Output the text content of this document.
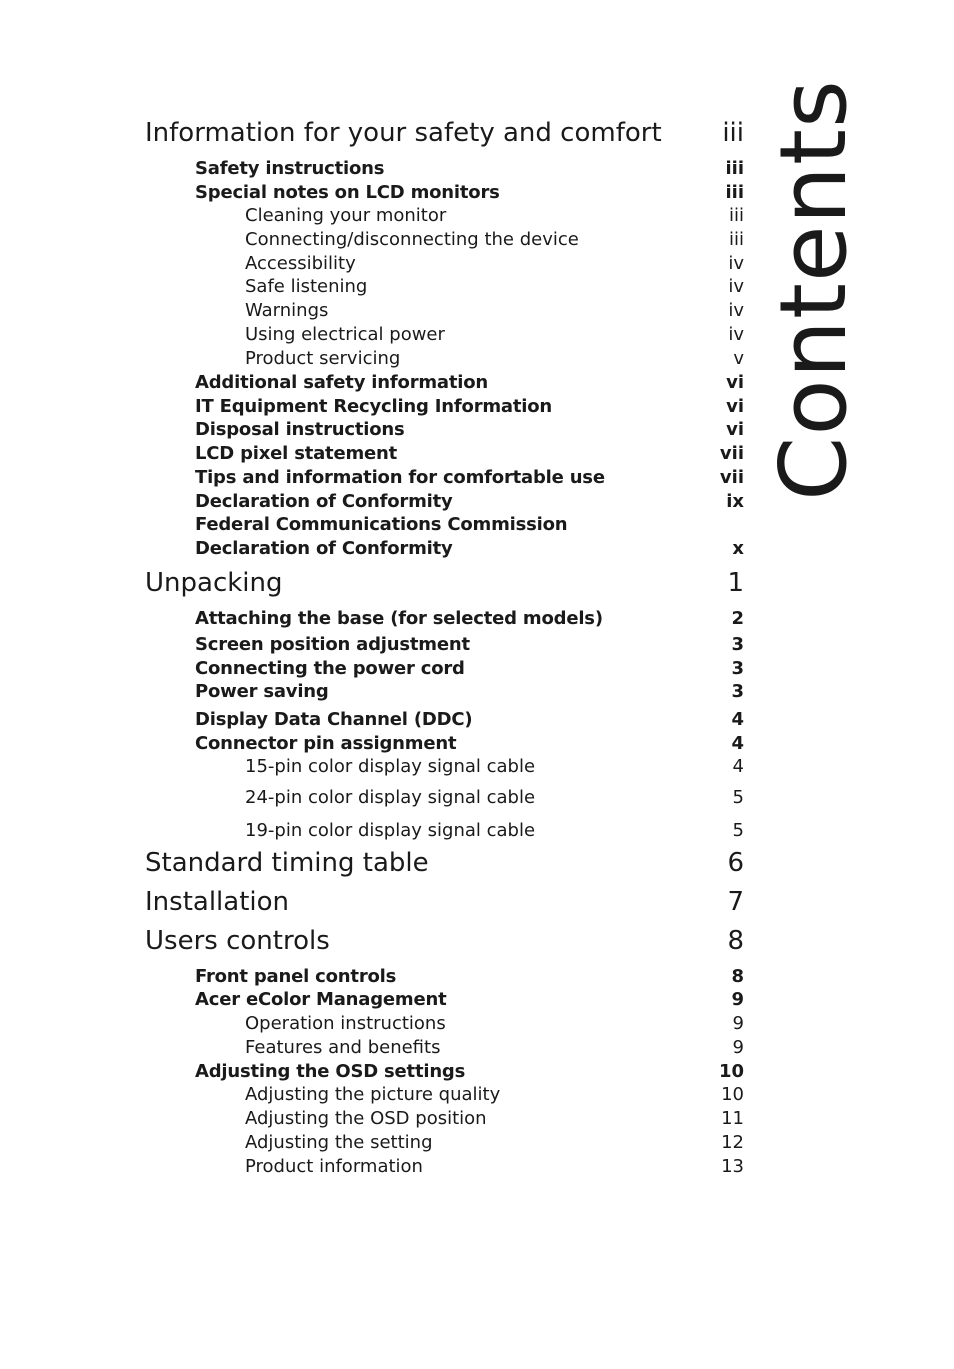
Contents
Information for your safety and comfort iii
Safety instructions	iii
Special notes on LCD monitors	iii
Cleaning your monitor	iii
Connecting/disconnecting the device	iii
Accessibility	iv
Safe listening	iv
Warnings	iv
Using electrical power	iv
Product servicing	v
Additional safety information	vi
IT Equipment Recycling Information	vi
Disposal instructions	vi
LCD pixel statement	vii
Tips and information for comfortable use	vii
Declaration of Conformity	ix
Federal Communications Commission
Declaration of Conformity	x
Unpacking	1
Attaching the base (for selected models)	2
Screen position adjustment	3
Connecting the power cord	3
Power saving	3
Display Data Channel (DDC)	4
Connector pin assignment	4
15-pin color display signal cable	4
24-pin color display signal cable	5
19-pin color display signal cable	5
Standard timing table	6
Installation	7
Users controls	8
Front panel controls	8
Acer eColor Management	9
Operation instructions	9
Features and benefits	9
Adjusting the OSD settings	10
Adjusting the picture quality	10
Adjusting the OSD position	11
Adjusting the setting	12
Product information	13
